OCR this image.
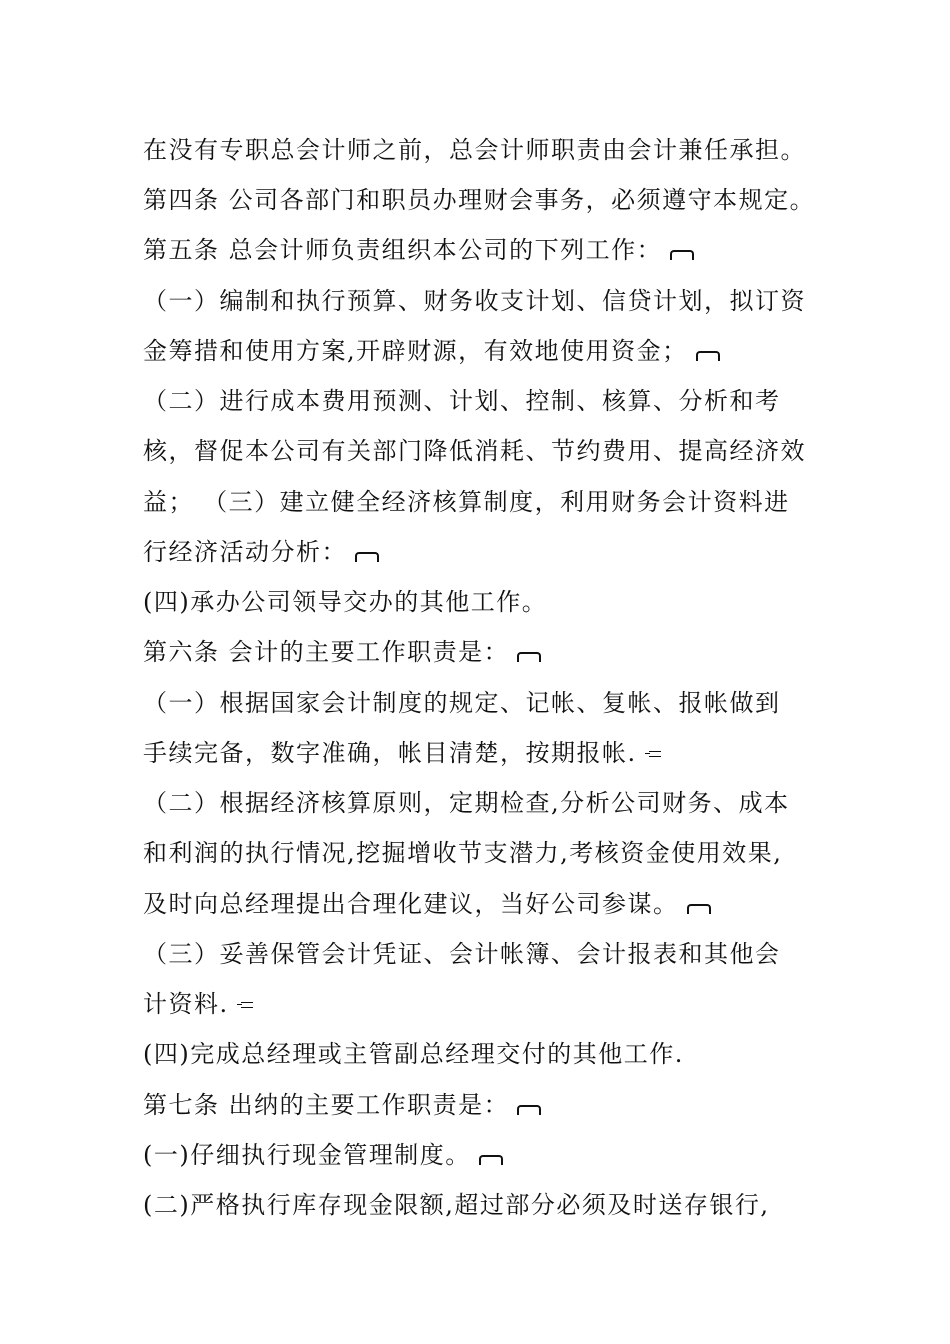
在没有专职总会计师之前，总会计师职责由会计兼任承担。
第四条 公司各部门和职员办理财会事务，必须遵守本规定。
第五条 总会计师负责组织本公司的下列工作：
（一）编制和执行预算、财务收支计划、信贷计划，拟订资
金筹措和使用方案,开辟财源，有效地使用资金；
（二）进行成本费用预测、计划、控制、核算、分析和考
核，督促本公司有关部门降低消耗、节约费用、提高经济效
益； （三）建立健全经济核算制度，利用财务会计资料进
行经济活动分析：
(四)承办公司领导交办的其他工作。
第六条 会计的主要工作职责是：
（一）根据国家会计制度的规定、记帐、复帐、报帐做到
手续完备，数字准确，帐目清楚，按期报帐.
（二）根据经济核算原则，定期检查,分析公司财务、成本
和利润的执行情况,挖掘增收节支潜力,考核资金使用效果,
及时向总经理提出合理化建议，当好公司参谋。
（三）妥善保管会计凭证、会计帐簿、会计报表和其他会
计资料.
(四)完成总经理或主管副总经理交付的其他工作.
第七条 出纳的主要工作职责是：
(一)仔细执行现金管理制度。
(二)严格执行库存现金限额,超过部分必须及时送存银行,
